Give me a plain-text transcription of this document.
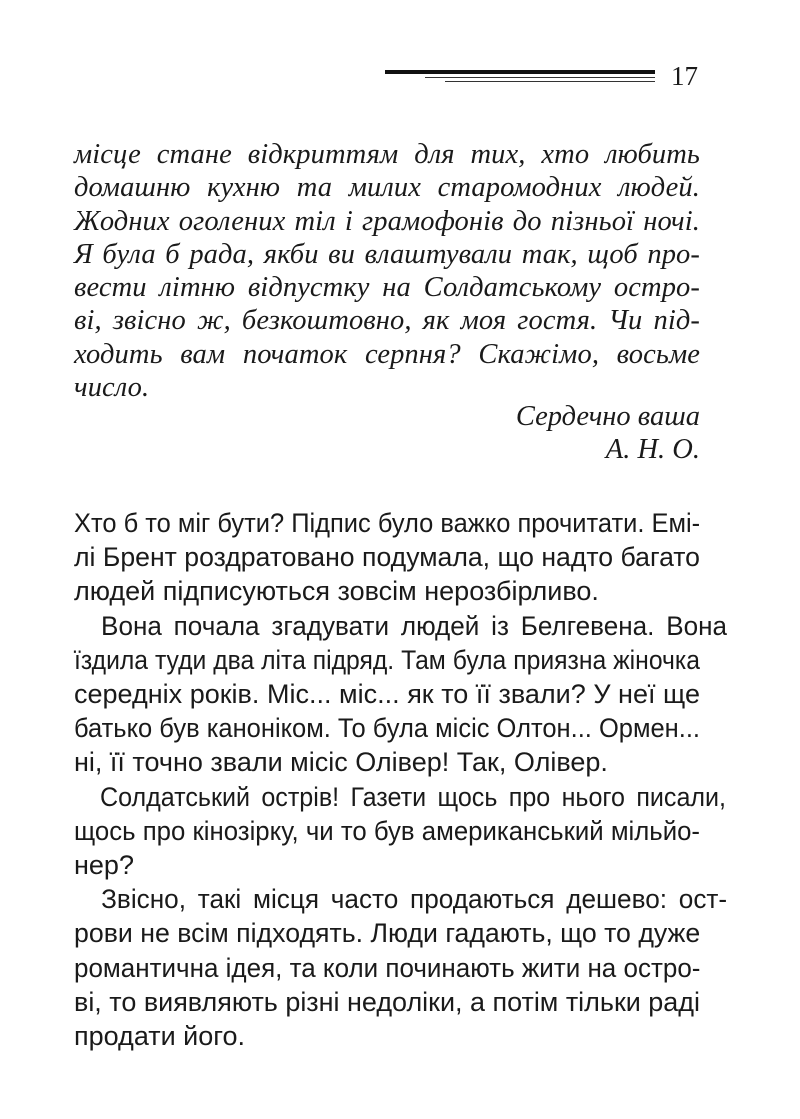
17
місце стане відкриттям для тих, хто любить
домашню кухню та милих старомодних людей.
Жодних оголених тіл і грамофонів до пізньої ночі.
Я була б рада, якби ви влаштували так, щоб про-
вести літню відпустку на Солдатському остро-
ві, звісно ж, безкоштовно, як моя гостя. Чи під-
ходить вам початок серпня? Скажімо, восьме
число.
Сердечно ваша
А. Н. О.
Хто б то міг бути? Підпис було важко прочитати. Емі-
лі Брент роздратовано подумала, що надто багато
людей підписуються зовсім нерозбірливо.
Вона почала згадувати людей із Белгевена. Вона
їздила туди два літа підряд. Там була приязна жіночка
середніх років. Міс... міс... як то її звали? У неї ще
батько був каноніком. То була місіс Олтон... Ормен...
ні, її точно звали місіс Олівер! Так, Олівер.
Солдатський острів! Газети щось про нього писали,
щось про кінозірку, чи то був американський мільйо-
нер?
Звісно, такі місця часто продаються дешево: ост-
рови не всім підходять. Люди гадають, що то дуже
романтична ідея, та коли починають жити на остро-
ві, то виявляють різні недоліки, а потім тільки раді
продати його.
